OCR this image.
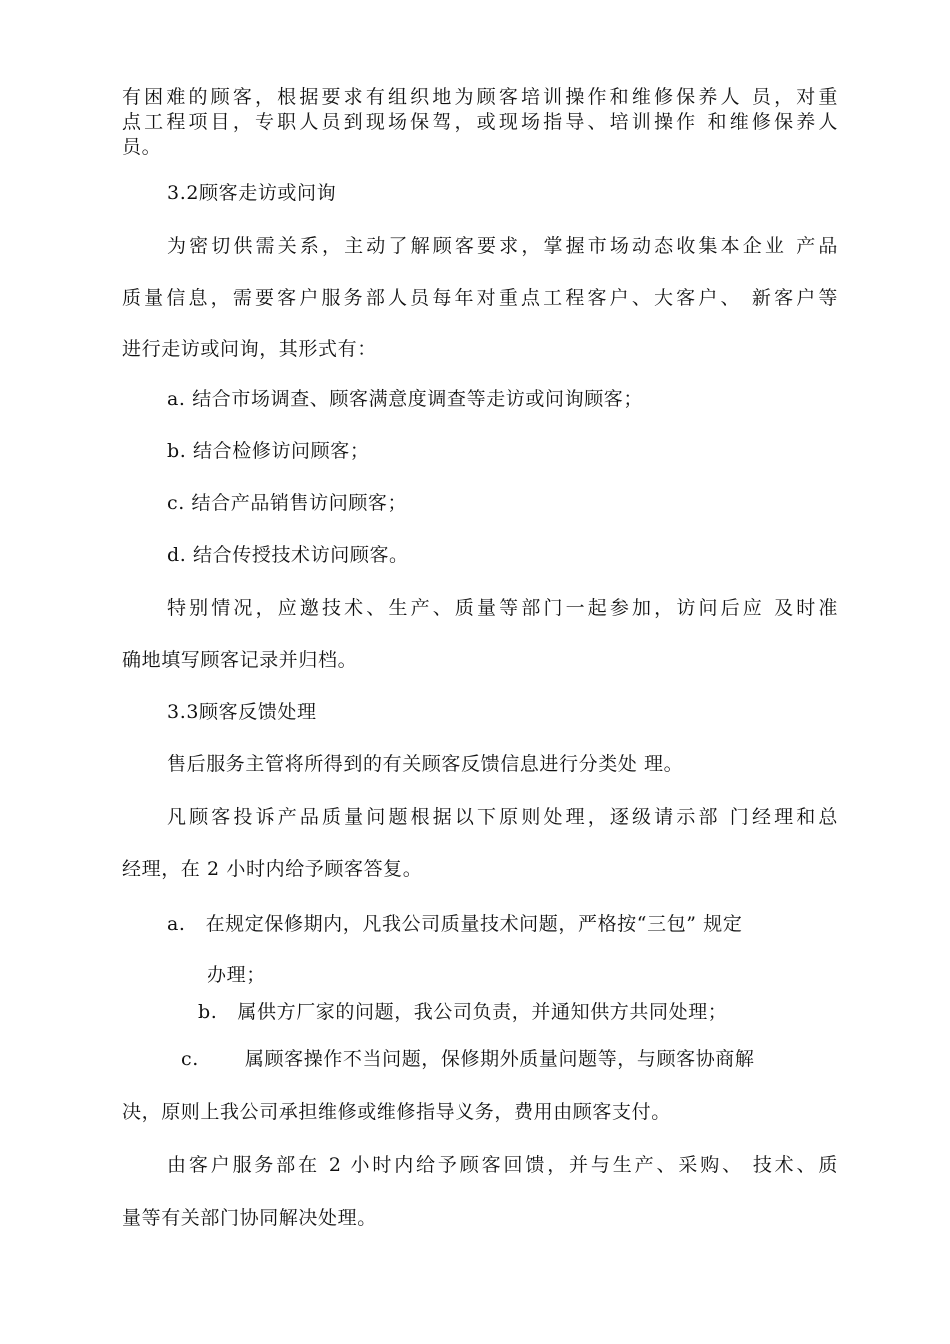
有困难的顾客，根据要求有组织地为顾客培训操作和维修保养人 员，对重
点工程项目，专职人员到现场保驾，或现场指导、培训操作 和维修保养人
员。
3.2顾客走访或问询
为密切供需关系，主动了解顾客要求，掌握市场动态收集本企业 产品
质量信息，需要客户服务部人员每年对重点工程客户、大客户、 新客户等
进行走访或问询，其形式有：
a. 结合市场调查、顾客满意度调查等走访或问询顾客；
b. 结合检修访问顾客；
c. 结合产品销售访问顾客；
d. 结合传授技术访问顾客。
特别情况，应邀技术、生产、质量等部门一起参加，访问后应 及时准
确地填写顾客记录并归档。
3.3顾客反馈处理
售后服务主管将所得到的有关顾客反馈信息进行分类处 理。
凡顾客投诉产品质量问题根据以下原则处理，逐级请示部 门经理和总
经理，在 2 小时内给予顾客答复。
a. 在规定保修期内，凡我公司质量技术问题，严格按“三包” 规定
办理；
b. 属供方厂家的问题，我公司负责，并通知供方共同处理；
c. 属顾客操作不当问题，保修期外质量问题等，与顾客协商解
决，原则上我公司承担维修或维修指导义务，费用由顾客支付。
由客户服务部在 2 小时内给予顾客回馈，并与生产、采购、 技术、质
量等有关部门协同解决处理。
